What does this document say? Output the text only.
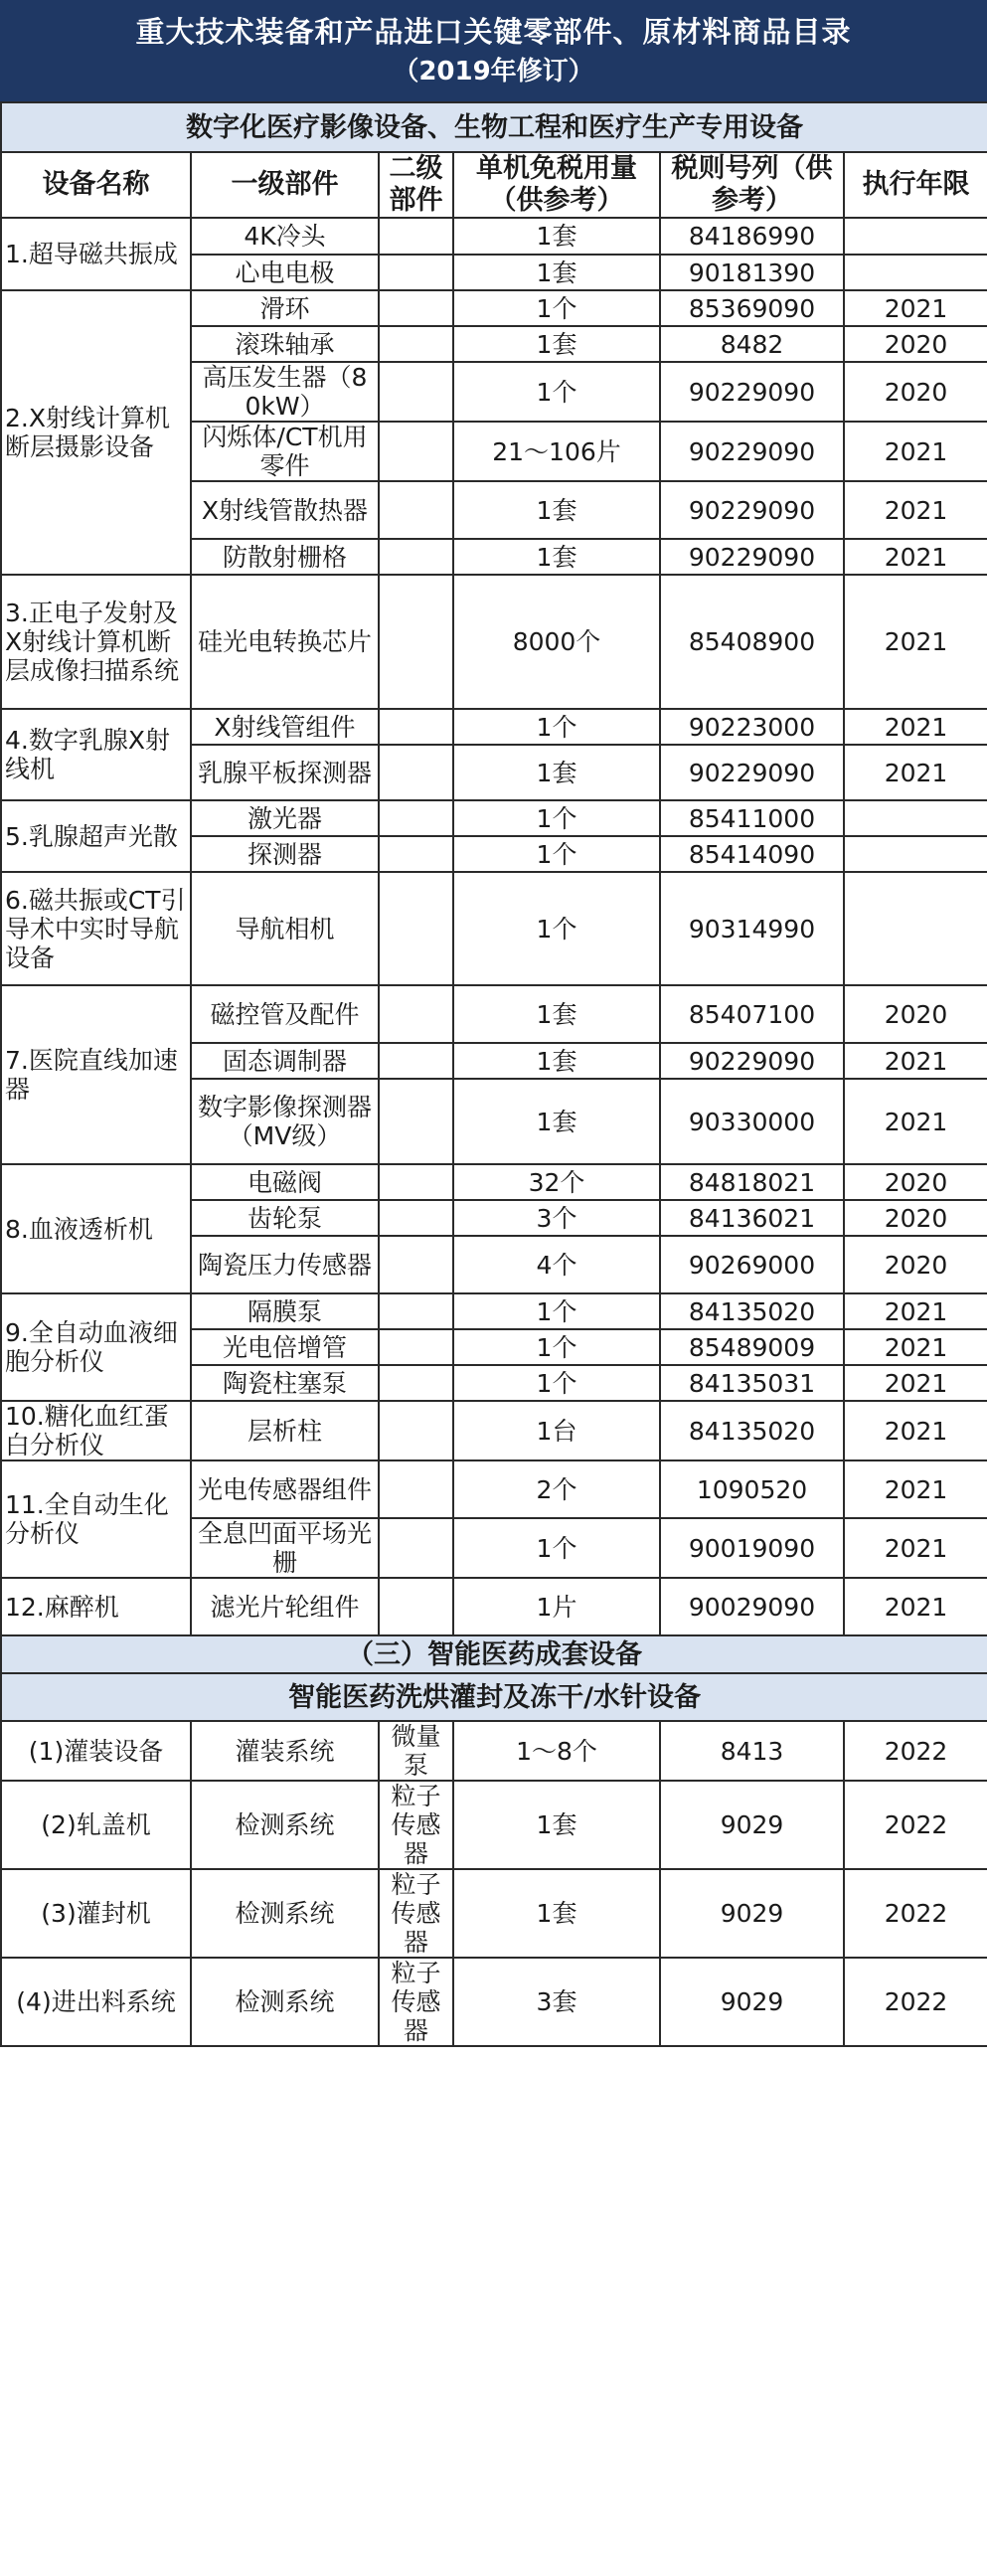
重大技术装备和产品进口关键零部件、原材料商品目录
（2019年修订）
数字化医疗影像设备、生物工程和医疗生产专用设备					
设备名称	一级部件	二级部件	单机免税用量（供参考）	税则号列（供参考）	执行年限
1.超导磁共振成	4K冷头		1套	84186990	
	心电电极		1套	90181390	
2.X射线计算机断层摄影设备	滑环		1个	85369090	2021
	滚珠轴承		1套	8482	2020
	高压发生器（80kW）		1个	90229090	2020
	闪烁体/CT机用零件		21～106片	90229090	2021
	X射线管散热器		1套	90229090	2021
	防散射栅格		1套	90229090	2021
3.正电子发射及 X射线计算机断层成像扫描系统	硅光电转换芯片		8000个	85408900	2021
4.数字乳腺X射线机	X射线管组件		1个	90223000	2021
	乳腺平板探测器		1套	90229090	2021
5.乳腺超声光散	激光器		1个	85411000	
	探测器		1个	85414090	
6.磁共振或CT引导术中实时导航设备	导航相机		1个	90314990	
7.医院直线加速器	磁控管及配件		1套	85407100	2020
	固态调制器		1套	90229090	2021
	数字影像探测器（MV级）		1套	90330000	2021
8.血液透析机	电磁阀		32个	84818021	2020
	齿轮泵		3个	84136021	2020
	陶瓷压力传感器		4个	90269000	2020
9.全自动血液细胞分析仪	隔膜泵		1个	84135020	2021
	光电倍增管		1个	85489009	2021
	陶瓷柱塞泵		1个	84135031	2021
10.糖化血红蛋白分析仪	层析柱		1台	84135020	2021
11.全自动生化分析仪	光电传感器组件		2个	1090520	2021
	全息凹面平场光栅		1个	90019090	2021
12.麻醉机	滤光片轮组件		1片	90029090	2021
（三）智能医药成套设备					
智能医药洗烘灌封及冻干/水针设备					
(1)灌装设备	灌装系统	微量泵	1～8个	8413	2022
(2)轧盖机	检测系统	粒子传感器	1套	9029	2022
(3)灌封机	检测系统	粒子传感器	1套	9029	2022
(4)进出料系统	检测系统	粒子传感器	3套	9029	2022
